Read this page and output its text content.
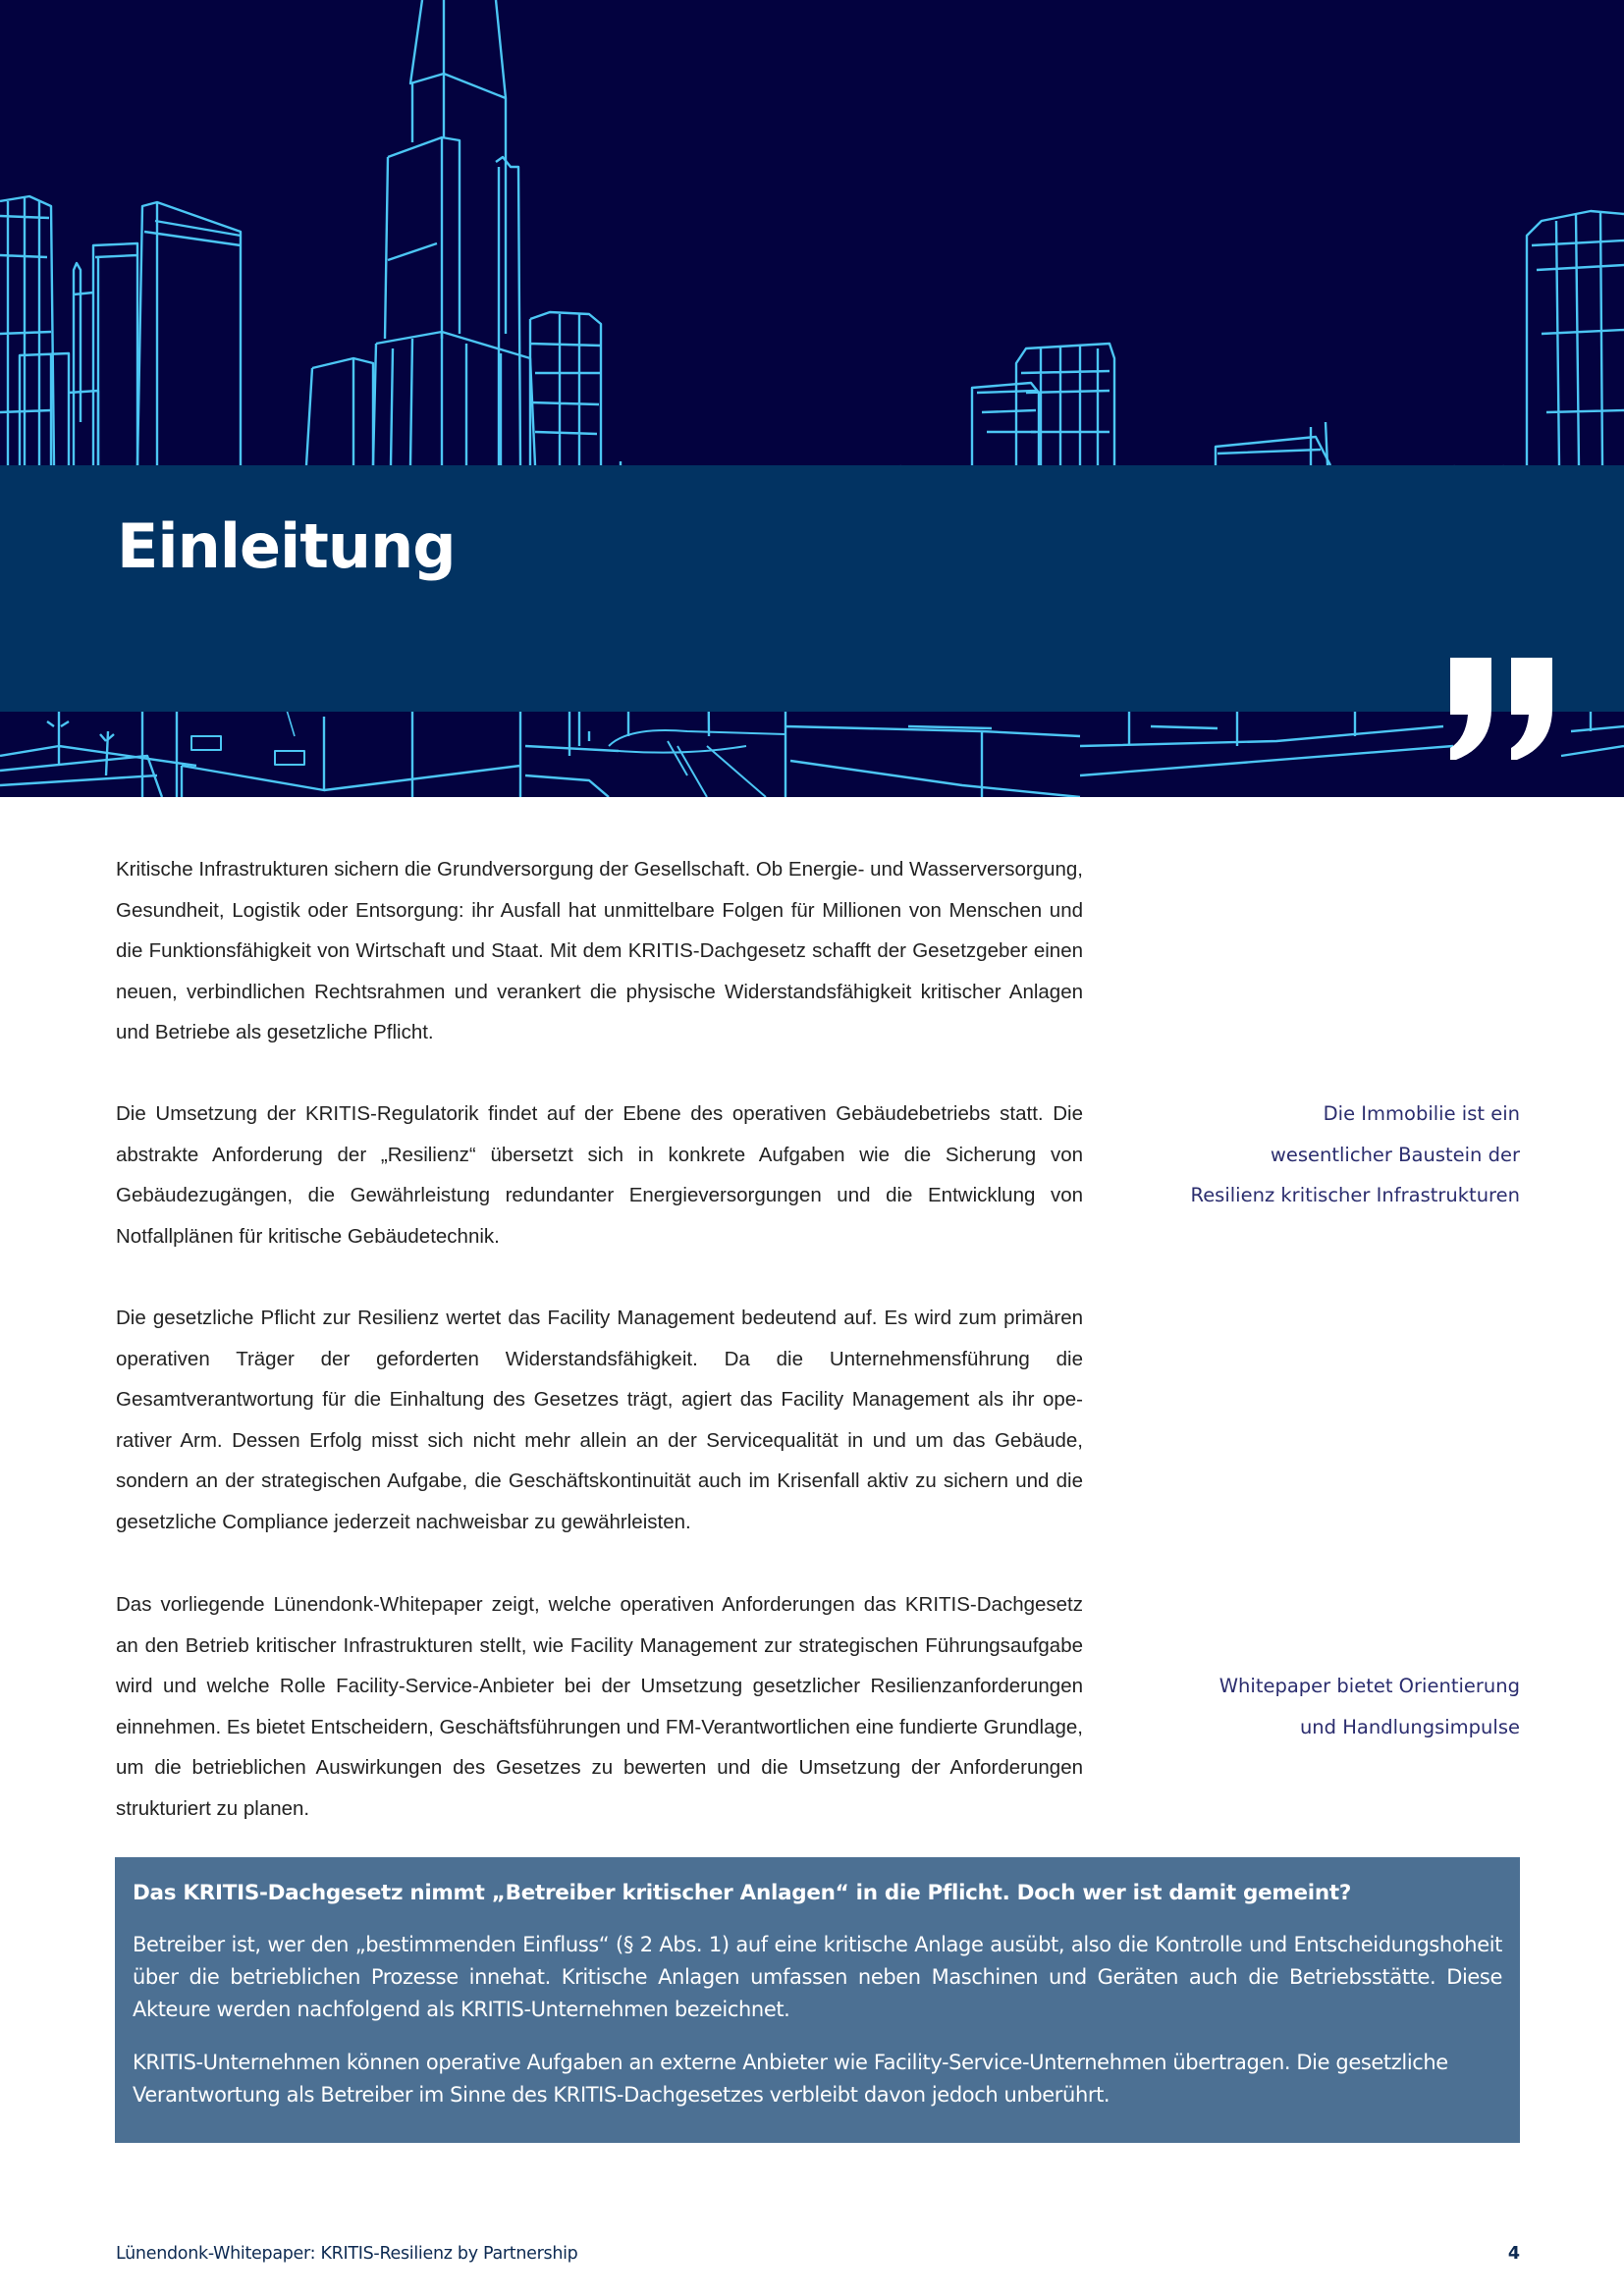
Einleitung

Kritische Infrastrukturen sichern die Grundversorgung der Gesellschaft. Ob Energie- und Wasserversorgung, Gesundheit, Logistik oder Entsorgung: ihr Ausfall hat unmittelbare Folgen für Millionen von Menschen und die Funktionsfähigkeit von Wirtschaft und Staat. Mit dem KRITIS-Dachgesetz schafft der Gesetzgeber einen neuen, verbindlichen Rechtsrahmen und verankert die physische Widerstandsfähigkeit kritischer Anlagen und Betriebe als gesetzliche Pflicht.

Die Umsetzung der KRITIS-Regulatorik findet auf der Ebene des operativen Gebäudebetriebs statt. Die abstrakte Anforderung der „Resilienz“ übersetzt sich in konkrete Aufgaben wie die Sicherung von Gebäudezugängen, die Gewährleistung redundanter Energieversorgungen und die Entwicklung von Notfallplänen für kritische Gebäudetechnik.

Die gesetzliche Pflicht zur Resilienz wertet das Facility Management bedeutend auf. Es wird zum primären operativen Träger der geforderten Widerstandsfähigkeit. Da die Unternehmensführung die Gesamtverantwortung für die Einhaltung des Gesetzes trägt, agiert das Facility Management als ihr operativer Arm. Dessen Erfolg misst sich nicht mehr allein an der Servicequalität in und um das Gebäude, sondern an der strategischen Aufgabe, die Geschäftskontinuität auch im Krisenfall aktiv zu sichern und die gesetzliche Compliance jederzeit nachweisbar zu gewährleisten.

Das vorliegende Lünendonk-Whitepaper zeigt, welche operativen Anforderungen das KRITIS-Dachgesetz an den Betrieb kritischer Infrastrukturen stellt, wie Facility Management zur strategischen Führungsaufgabe wird und welche Rolle Facility-Service-Anbieter bei der Umsetzung gesetzlicher Resilienzanforderungen einnehmen. Es bietet Entscheidern, Geschäftsführungen und FM-Verantwortlichen eine fundierte Grundlage, um die betrieblichen Auswirkungen des Gesetzes zu bewerten und die Umsetzung der Anforderungen strukturiert zu planen.

Die Immobilie ist ein
wesentlicher Baustein der
Resilienz kritischer Infrastrukturen
Whitepaper bietet Orientierung
und Handlungsimpulse
Das KRITIS-Dachgesetz nimmt „Betreiber kritischer Anlagen“ in die Pflicht. Doch wer ist damit gemeint?

Betreiber ist, wer den „bestimmenden Einfluss“ (§ 2 Abs. 1) auf eine kritische Anlage ausübt, also die Kontrolle und Entscheidungshoheit über die betrieblichen Prozesse innehat. Kritische Anlagen umfassen neben Maschinen und Geräten auch die Betriebsstätte. Diese Akteure werden nachfolgend als KRITIS-Unternehmen bezeichnet.

KRITIS-Unternehmen können operative Aufgaben an externe Anbieter wie Facility-Service-Unternehmen übertragen. Die gesetzliche Verantwortung als Betreiber im Sinne des KRITIS-Dachgesetzes verbleibt davon jedoch unberührt.

Lünendonk-Whitepaper: KRITIS-Resilienz by Partnership	4
